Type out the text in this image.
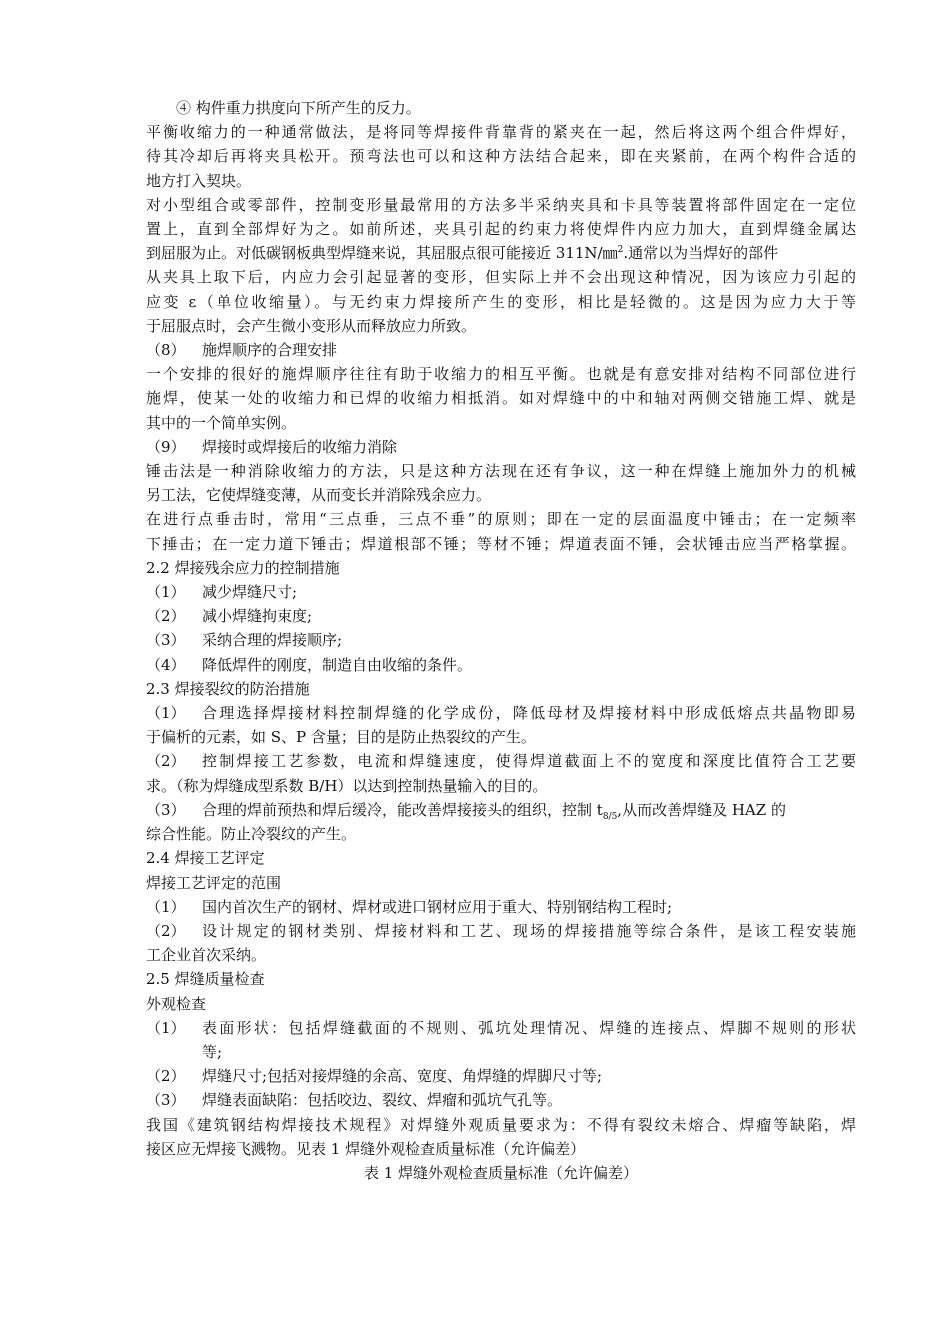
④ 构件重力拱度向下所产生的反力。
平衡收缩力的一种通常做法，是将同等焊接件背靠背的紧夹在一起，然后将这两个组合件焊好，
待其冷却后再将夹具松开。预弯法也可以和这种方法结合起来，即在夹紧前，在两个构件合适的
地方打入契块。
对小型组合或零部件，控制变形量最常用的方法多半采纳夹具和卡具等装置将部件固定在一定位
置上，直到全部焊好为之。如前所述，夹具引起的约束力将使焊件内应力加大，直到焊缝金属达
到屈服为止。对低碳钢板典型焊缝来说，其屈服点很可能接近 311N/㎜$^2$.通常以为当焊好的部件
从夹具上取下后，内应力会引起显著的变形，但实际上并不会出现这种情况，因为该应力引起的
应变 ε（单位收缩量）。与无约束力焊接所产生的变形，相比是轻微的。这是因为应力大于等
于屈服点时，会产生微小变形从而释放应力所致。
（8）	施焊顺序的合理安排
一个安排的很好的施焊顺序往往有助于收缩力的相互平衡。也就是有意安排对结构不同部位进行
施焊，使某一处的收缩力和已焊的收缩力相抵消。如对焊缝中的中和轴对两侧交错施工焊、就是
其中的一个简单实例。
（9）	焊接时或焊接后的收缩力消除
锤击法是一种消除收缩力的方法，只是这种方法现在还有争议，这一种在焊缝上施加外力的机械
另工法，它使焊缝变薄，从而变长并消除残余应力。
在进行点垂击时，常用“三点垂，三点不垂”的原则；即在一定的层面温度中锤击；在一定频率
下捶击；在一定力道下锤击；焊道根部不锤；等材不锤；焊道表面不锤，会状锤击应当严格掌握。
2.2 焊接残余应力的控制措施
（1）	减少焊缝尺寸;
（2）	减小焊缝拘束度;
（3）	采纳合理的焊接顺序;
（4）	降低焊件的刚度，制造自由收缩的条件。
2.3 焊接裂纹的防治措施
（1）	合理选择焊接材料控制焊缝的化学成份，降低母材及焊接材料中形成低熔点共晶物即易
于偏析的元素，如 S、P 含量；目的是防止热裂纹的产生。
（2）	控制焊接工艺参数，电流和焊缝速度，使得焊道截面上不的宽度和深度比值符合工艺要
求。（称为焊缝成型系数 B/H）以达到控制热量输入的目的。
（3）	合理的焊前预热和焊后缓冷，能改善焊接接头的组织，控制 $t_{8/5}$,从而改善焊缝及 HAZ 的
综合性能。防止冷裂纹的产生。
2.4 焊接工艺评定
焊接工艺评定的范围
（1）	国内首次生产的钢材、焊材或进口钢材应用于重大、特别钢结构工程时;
（2）	设计规定的钢材类别、焊接材料和工艺、现场的焊接措施等综合条件，是该工程安装施
工企业首次采纳。
2.5 焊缝质量检查
外观检查
（1）	表面形状：包括焊缝截面的不规则、弧坑处理情况、焊缝的连接点、焊脚不规则的形状
等;
（2）	焊缝尺寸;包括对接焊缝的余高、宽度、角焊缝的焊脚尺寸等;
（3）	焊缝表面缺陷：包括咬边、裂纹、焊瘤和弧坑气孔等。
我国《建筑钢结构焊接技术规程》对焊缝外观质量要求为：不得有裂纹未熔合、焊瘤等缺陷，焊
接区应无焊接飞溅物。见表 1 焊缝外观检查质量标准（允许偏差）
表 1 焊缝外观检查质量标准（允许偏差）
